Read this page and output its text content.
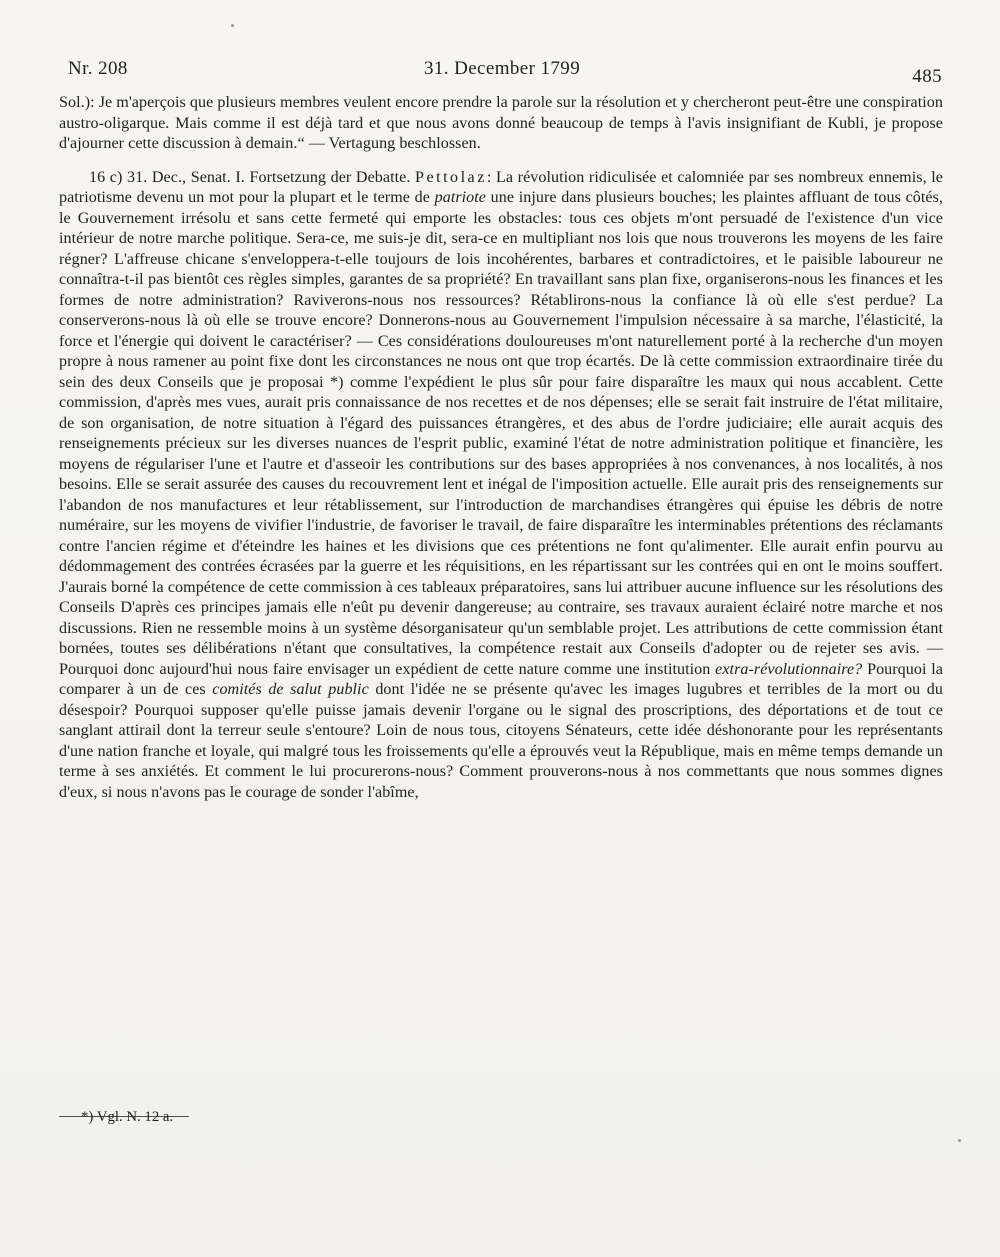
Nr. 208	31. December 1799	485

Sol.): Je m'aperçois que plusieurs membres veulent encore prendre la parole sur la résolution et y chercheront peut-être une conspiration austro-oligarque. Mais comme il est déjà tard et que nous avons donné beaucoup de temps à l'avis insignifiant de Kubli, je propose d'ajourner cette discussion à demain.“ — Vertagung beschlossen.

16 c) 31. Dec., Senat. I. Fortsetzung der Debatte. Pettolaz: La révolution ridiculisée et calomniée par ses nombreux ennemis, le patriotisme devenu un mot pour la plupart et le terme de patriote une injure dans plusieurs bouches; les plaintes affluant de tous côtés, le Gouvernement irrésolu et sans cette fermeté qui emporte les obstacles: tous ces objets m'ont persuadé de l'existence d'un vice intérieur de notre marche politique. Sera-ce, me suis-je dit, sera-ce en multipliant nos lois que nous trouverons les moyens de les faire régner? L'affreuse chicane s'enveloppera-t-elle toujours de lois incohérentes, barbares et contradictoires, et le paisible laboureur ne connaîtra-t-il pas bientôt ces règles simples, garantes de sa propriété? En travaillant sans plan fixe, organiserons-nous les finances et les formes de notre administration? Raviverons-nous nos ressources? Rétablirons-nous la confiance là où elle s'est perdue? La conserverons-nous là où elle se trouve encore? Donnerons-nous au Gouvernement l'impulsion nécessaire à sa marche, l'élasticité, la force et l'énergie qui doivent le caractériser? — Ces considérations douloureuses m'ont naturellement porté à la recherche d'un moyen propre à nous ramener au point fixe dont les circonstances ne nous ont que trop écartés. De là cette commission extraordinaire tirée du sein des deux Conseils que je proposai *) comme l'expédient le plus sûr pour faire disparaître les maux qui nous accablent. Cette commission, d'après mes vues, aurait pris connaissance de nos recettes et de nos dépenses; elle se serait fait instruire de l'état militaire, de son organisation, de notre situation à l'égard des puissances étrangères, et des abus de l'ordre judiciaire; elle aurait acquis des renseignements précieux sur les diverses nuances de l'esprit public, examiné l'état de notre administration politique et financière, les moyens de régulariser l'une et l'autre et d'asseoir les contributions sur des bases appropriées à nos convenances, à nos localités, à nos besoins. Elle se serait assurée des causes du recouvrement lent et inégal de l'imposition actuelle. Elle aurait pris des renseignements sur l'abandon de nos manufactures et leur rétablissement, sur l'introduction de marchandises étrangères qui épuise les débris de notre numéraire, sur les moyens de vivifier l'industrie, de favoriser le travail, de faire disparaître les interminables prétentions des réclamants contre l'ancien régime et d'éteindre les haines et les divisions que ces prétentions ne font qu'alimenter. Elle aurait enfin pourvu au dédommagement des contrées écrasées par la guerre et les réquisitions, en les répartissant sur les contrées qui en ont le moins souffert. J'aurais borné la compétence de cette commission à ces tableaux préparatoires, sans lui attribuer aucune influence sur les résolutions des Conseils D'après ces principes jamais elle n'eût pu devenir dangereuse; au contraire, ses travaux auraient éclairé notre marche et nos discussions. Rien ne ressemble moins à un système désorganisateur qu'un semblable projet. Les attributions de cette commission étant bornées, toutes ses délibérations n'étant que consultatives, la compétence restait aux Conseils d'adopter ou de rejeter ses avis. — Pourquoi donc aujourd'hui nous faire envisager un expédient de cette nature comme une institution extra-révolutionnaire? Pourquoi la comparer à un de ces comités de salut public dont l'idée ne se présente qu'avec les images lugubres et terribles de la mort ou du désespoir? Pourquoi supposer qu'elle puisse jamais devenir l'organe ou le signal des proscriptions, des déportations et de tout ce sanglant attirail dont la terreur seule s'entoure? Loin de nous tous, citoyens Sénateurs, cette idée déshonorante pour les représentants d'une nation franche et loyale, qui malgré tous les froissements qu'elle a éprouvés veut la République, mais en même temps demande un terme à ses anxiétés. Et comment le lui procurerons-nous? Comment prouverons-nous à nos commettants que nous sommes dignes d'eux, si nous n'avons pas le courage de sonder l'abîme,

*) Vgl. N. 12 a.
